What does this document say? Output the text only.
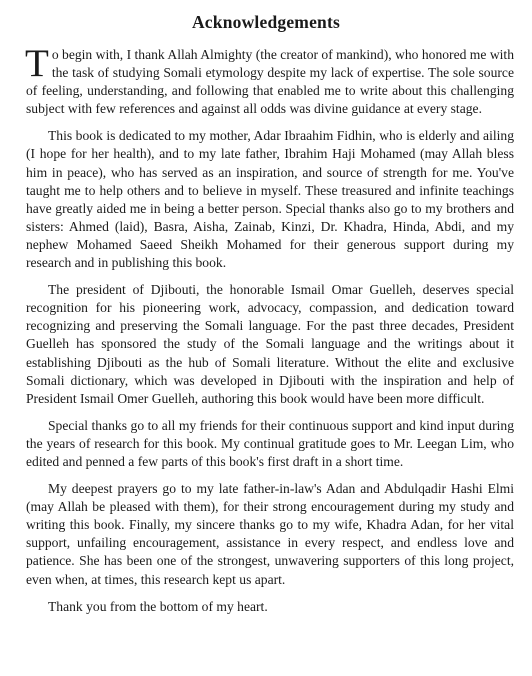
Acknowledgements

To begin with, I thank Allah Almighty (the creator of mankind), who honored me with the task of studying Somali etymology despite my lack of expertise. The sole source of feeling, understanding, and following that enabled me to write about this challenging subject with few references and against all odds was divine guidance at every stage.

This book is dedicated to my mother, Adar Ibraahim Fidhin, who is elderly and ailing (I hope for her health), and to my late father, Ibrahim Haji Mohamed (may Allah bless him in peace), who has served as an inspiration, and source of strength for me. You've taught me to help others and to believe in myself. These treasured and infinite teachings have greatly aided me in being a better person. Special thanks also go to my brothers and sisters: Ahmed (laid), Basra, Aisha, Zainab, Kinzi, Dr. Khadra, Hinda, Abdi, and my nephew Mohamed Saeed Sheikh Mohamed for their generous support during my research and in publishing this book.

The president of Djibouti, the honorable Ismail Omar Guelleh, deserves special recognition for his pioneering work, advocacy, compassion, and dedication toward recognizing and preserving the Somali language. For the past three decades, President Guelleh has sponsored the study of the Somali language and the writings about it establishing Djibouti as the hub of Somali literature. Without the elite and exclusive Somali dictionary, which was developed in Djibouti with the inspiration and help of President Ismail Omer Guelleh, authoring this book would have been more difficult.

Special thanks go to all my friends for their continuous support and kind input during the years of research for this book. My continual gratitude goes to Mr. Leegan Lim, who edited and penned a few parts of this book's first draft in a short time.

My deepest prayers go to my late father-in-law's Adan and Abdulqadir Hashi Elmi (may Allah be pleased with them), for their strong encouragement during my study and writing this book. Finally, my sincere thanks go to my wife, Khadra Adan, for her vital support, unfailing encouragement, assistance in every respect, and endless love and patience. She has been one of the strongest, unwavering supporters of this long project, even when, at times, this research kept us apart.

Thank you from the bottom of my heart.
